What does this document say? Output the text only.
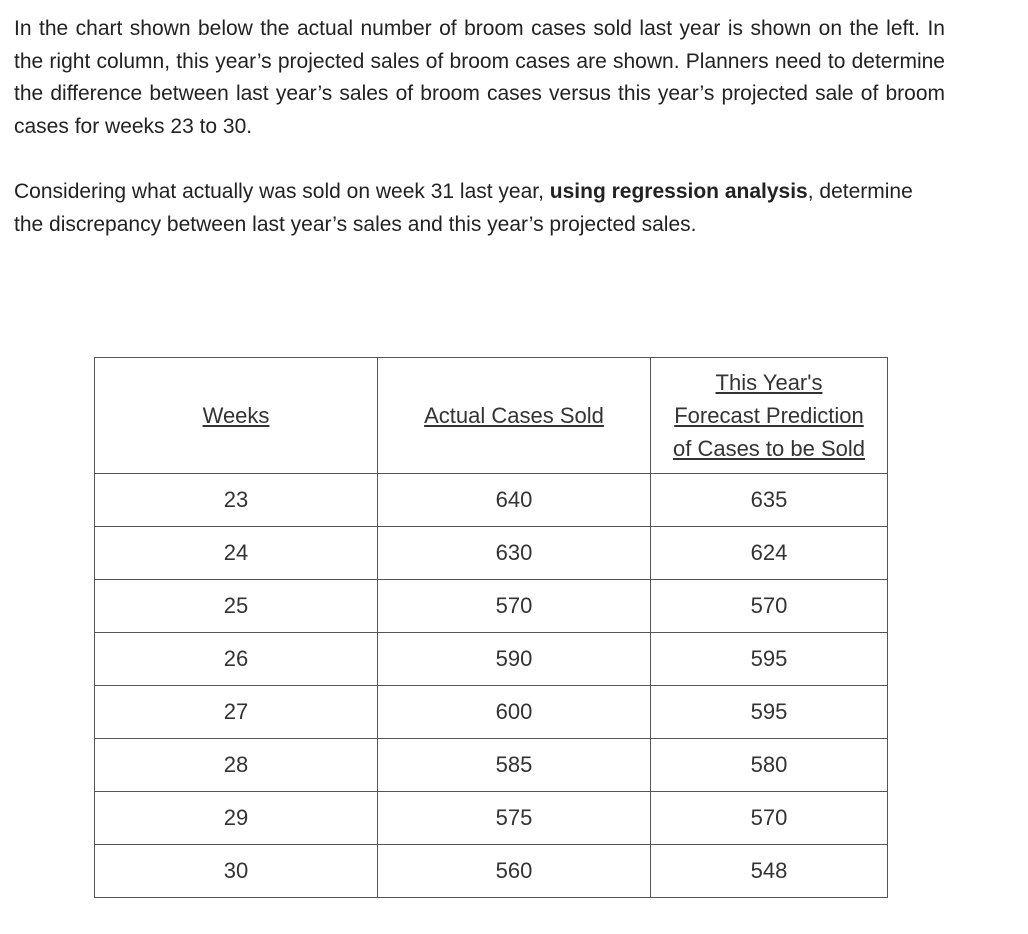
In the chart shown below the actual number of broom cases sold last year is shown on the left. In the right column, this year’s projected sales of broom cases are shown. Planners need to determine the difference between last year’s sales of broom cases versus this year’s projected sale of broom cases for weeks 23 to 30.

Considering what actually was sold on week 31 last year, using regression analysis, determine the discrepancy between last year’s sales and this year’s projected sales.

Weeks	Actual Cases Sold	This Year's
Forecast Prediction
of Cases to be Sold
23	640	635
24	630	624
25	570	570
26	590	595
27	600	595
28	585	580
29	575	570
30	560	548
